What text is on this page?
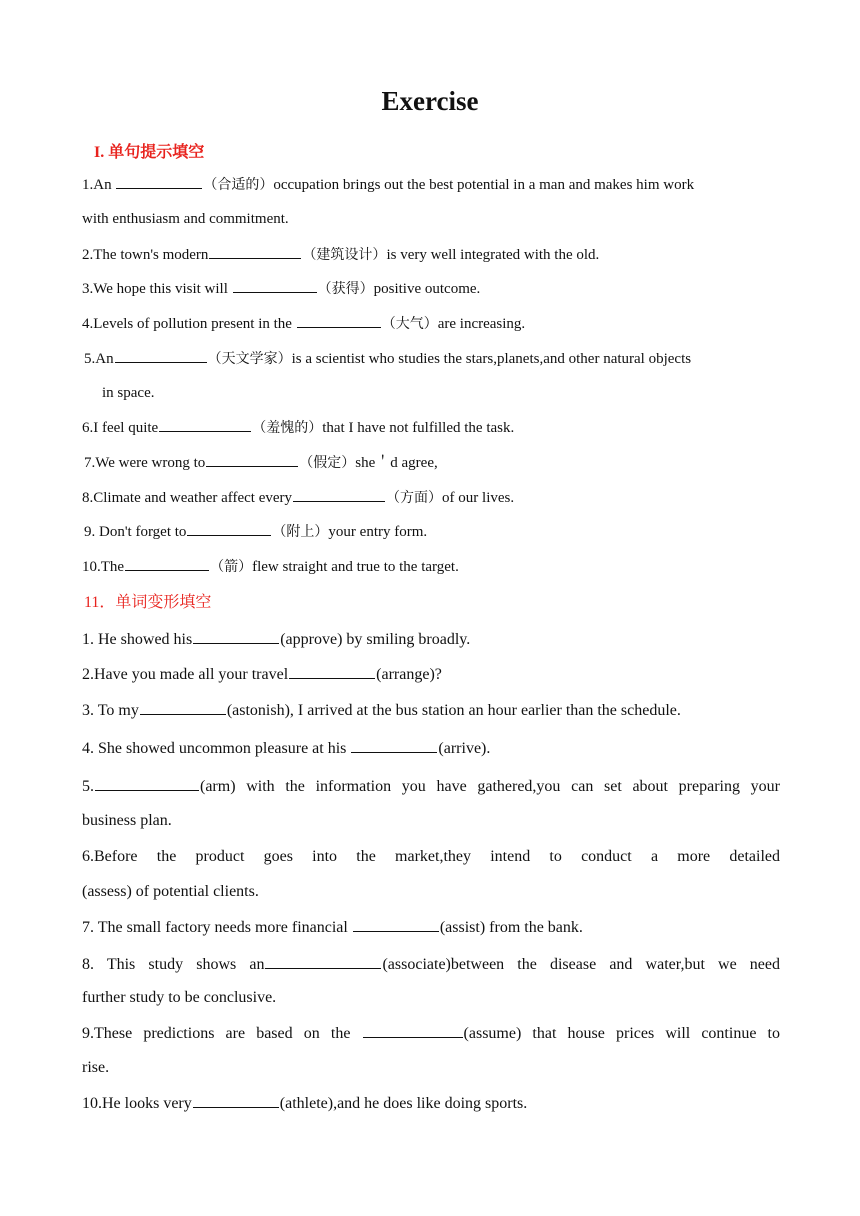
Exercise
I. 单句提示填空
1.An	（合适的）occupation brings out the best potential in a man and makes him work
with enthusiasm and commitment.
2.The town's modern	（建筑设计）is very well integrated with the old.
3.We hope this visit will	（获得）positive outcome.
4.Levels of pollution present in the	（大气）are increasing.
5.An	（天文学家）is a scientist who studies the stars,planets,and other natural objects
in space.
6.I feel quite	（羞愧的）that I have not fulfilled the task.
7.We were wrong to	（假定）she＇d agree,
8.Climate and weather affect every	（方面）of our lives.
9. Don't forget to	（附上）your entry form.
10.The	（箭）flew straight and true to the target.
11．单词变形填空
1. He showed his	(approve) by smiling broadly.
2.Have you made all your travel	(arrange)?
3. To my	(astonish), I arrived at the bus station an hour earlier than the schedule.
4. She showed uncommon pleasure at his	(arrive).
5.	(arm) with the information you have gathered,you can set about preparing your
business plan.
6.Before the product goes into the market,they intend to conduct a more detailed
(assess) of potential clients.
7. The small factory needs more financial	(assist) from the bank.
8. This study shows an	(associate)between the disease and water,but we need
further study to be conclusive.
9.These predictions are based on the	(assume) that house prices will continue to
rise.
10.He looks very	(athlete),and he does like doing sports.
